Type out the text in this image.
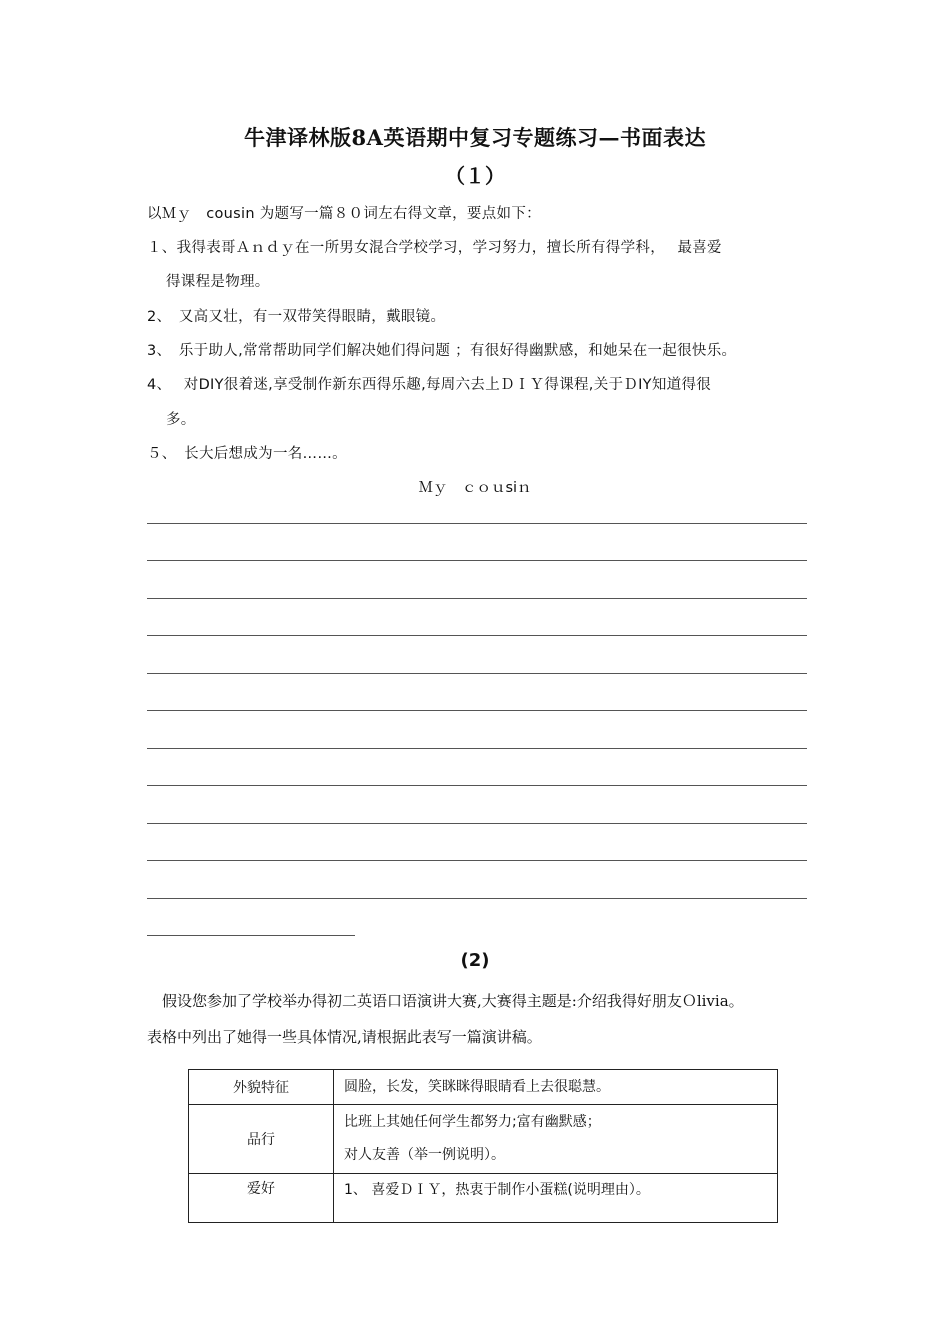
牛津译林版8A英语期中复习专题练习—书面表达
（１）
以Ｍｙ　cousin 为题写一篇８０词左右得文章，要点如下：
１、我得表哥Ａｎｄｙ在一所男女混合学校学习，学习努力，擅长所有得学科，　 最喜爱
得课程是物理。
2、　又高又壮，有一双带笑得眼睛，戴眼镜。
3、　乐于助人,常常帮助同学们解决她们得问题 ；有很好得幽默感，和她呆在一起很快乐。
4、　 对DIY很着迷,享受制作新东西得乐趣,每周六去上ＤＩＹ得课程,关于ＤIY知道得很
多。
５、　长大后想成为一名……。
Ｍｙ　ｃｏｕsiｎ
(2)
假设您参加了学校举办得初二英语口语演讲大赛,大赛得主题是:介绍我得好朋友Ｏlivia。
表格中列出了她得一些具体情况,请根据此表写一篇演讲稿。
外貌特征	圆脸，长发，笑眯眯得眼睛看上去很聪慧。

品行	比班上其她任何学生都努力;富有幽默感；
对人友善（举一例说明）。

爱好	1、 喜爱ＤＩＹ，热衷于制作小蛋糕(说明理由）。
